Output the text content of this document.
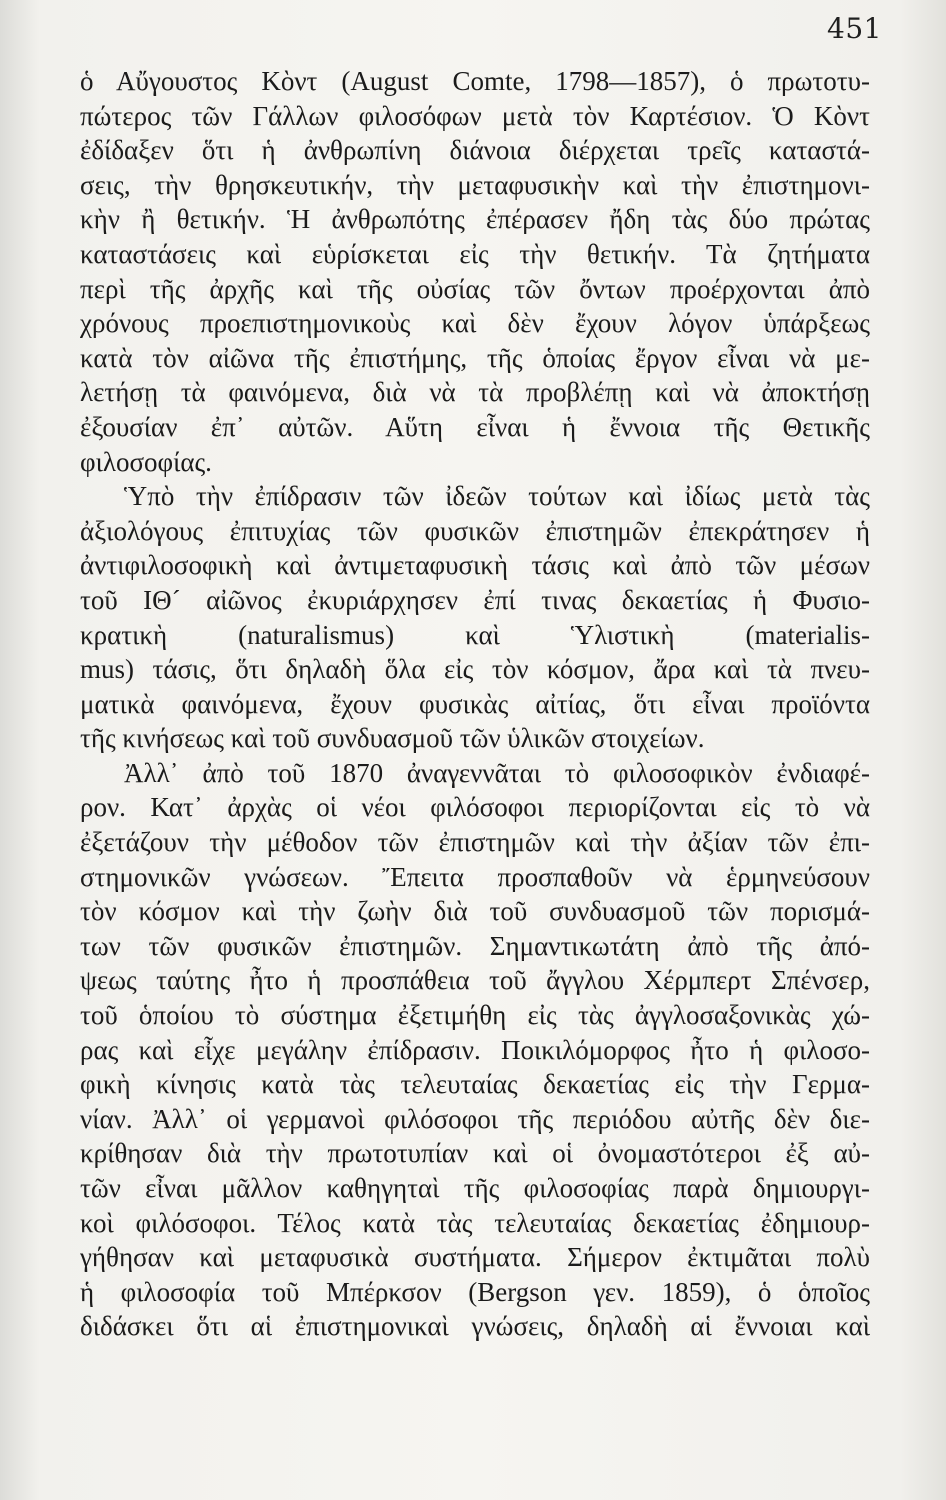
451
ὁ Αὔγουστος Κὸντ (August Comte, 1798—1857), ὁ πρωτοτυ-
πώτερος τῶν Γάλλων φιλοσόφων μετὰ τὸν Καρτέσιον. Ὁ Κὸντ
ἐδίδαξεν ὅτι ἡ ἀνθρωπίνη διάνοια διέρχεται τρεῖς καταστά-
σεις, τὴν θρησκευτικήν, τὴν μεταφυσικὴν καὶ τὴν ἐπιστημονι-
κὴν ἢ θετικήν. Ἡ ἀνθρωπότης ἐπέρασεν ἤδη τὰς δύο πρώτας
καταστάσεις καὶ εὑρίσκεται εἰς τὴν θετικήν. Τὰ ζητήματα
περὶ τῆς ἀρχῆς καὶ τῆς οὐσίας τῶν ὄντων προέρχονται ἀπὸ
χρόνους προεπιστημονικοὺς καὶ δὲν ἔχουν λόγον ὑπάρξεως
κατὰ τὸν αἰῶνα τῆς ἐπιστήμης, τῆς ὁποίας ἔργον εἶναι νὰ με-
λετήσῃ τὰ φαινόμενα, διὰ νὰ τὰ προβλέπῃ καὶ νὰ ἀποκτήσῃ
ἐξουσίαν ἐπ᾿ αὐτῶν. Αὕτη εἶναι ἡ ἔννοια τῆς Θετικῆς
φιλοσοφίας.
Ὑπὸ τὴν ἐπίδρασιν τῶν ἰδεῶν τούτων καὶ ἰδίως μετὰ τὰς
ἀξιολόγους ἐπιτυχίας τῶν φυσικῶν ἐπιστημῶν ἐπεκράτησεν ἡ
ἀντιφιλοσοφικὴ καὶ ἀντιμεταφυσικὴ τάσις καὶ ἀπὸ τῶν μέσων
τοῦ ΙΘ´ αἰῶνος ἐκυριάρχησεν ἐπί τινας δεκαετίας ἡ Φυσιο-
κρατικὴ (naturalismus) καὶ Ὑλιστικὴ (materialis-
mus) τάσις, ὅτι δηλαδὴ ὅλα εἰς τὸν κόσμον, ἄρα καὶ τὰ πνευ-
ματικὰ φαινόμενα, ἔχουν φυσικὰς αἰτίας, ὅτι εἶναι προϊόντα
τῆς κινήσεως καὶ τοῦ συνδυασμοῦ τῶν ὑλικῶν στοιχείων.
Ἀλλ᾿ ἀπὸ τοῦ 1870 ἀναγεννᾶται τὸ φιλοσοφικὸν ἐνδιαφέ-
ρον. Κατ᾿ ἀρχὰς οἱ νέοι φιλόσοφοι περιορίζονται εἰς τὸ νὰ
ἐξετάζουν τὴν μέθοδον τῶν ἐπιστημῶν καὶ τὴν ἀξίαν τῶν ἐπι-
στημονικῶν γνώσεων. Ἔπειτα προσπαθοῦν νὰ ἑρμηνεύσουν
τὸν κόσμον καὶ τὴν ζωὴν διὰ τοῦ συνδυασμοῦ τῶν πορισμά-
των τῶν φυσικῶν ἐπιστημῶν. Σημαντικωτάτη ἀπὸ τῆς ἀπό-
ψεως ταύτης ἦτο ἡ προσπάθεια τοῦ ἄγγλου Χέρμπερτ Σπένσερ,
τοῦ ὁποίου τὸ σύστημα ἐξετιμήθη εἰς τὰς ἀγγλοσαξονικὰς χώ-
ρας καὶ εἶχε μεγάλην ἐπίδρασιν. Ποικιλόμορφος ἦτο ἡ φιλοσο-
φικὴ κίνησις κατὰ τὰς τελευταίας δεκαετίας εἰς τὴν Γερμα-
νίαν. Ἀλλ᾿ οἱ γερμανοὶ φιλόσοφοι τῆς περιόδου αὐτῆς δὲν διε-
κρίθησαν διὰ τὴν πρωτοτυπίαν καὶ οἱ ὀνομαστότεροι ἐξ αὐ-
τῶν εἶναι μᾶλλον καθηγηταὶ τῆς φιλοσοφίας παρὰ δημιουργι-
κοὶ φιλόσοφοι. Τέλος κατὰ τὰς τελευταίας δεκαετίας ἐδημιουρ-
γήθησαν καὶ μεταφυσικὰ συστήματα. Σήμερον ἐκτιμᾶται πολὺ
ἡ φιλοσοφία τοῦ Μπέρκσον (Bergson γεν. 1859), ὁ ὁποῖος
διδάσκει ὅτι αἱ ἐπιστημονικαὶ γνώσεις, δηλαδὴ αἱ ἔννοιαι καὶ
